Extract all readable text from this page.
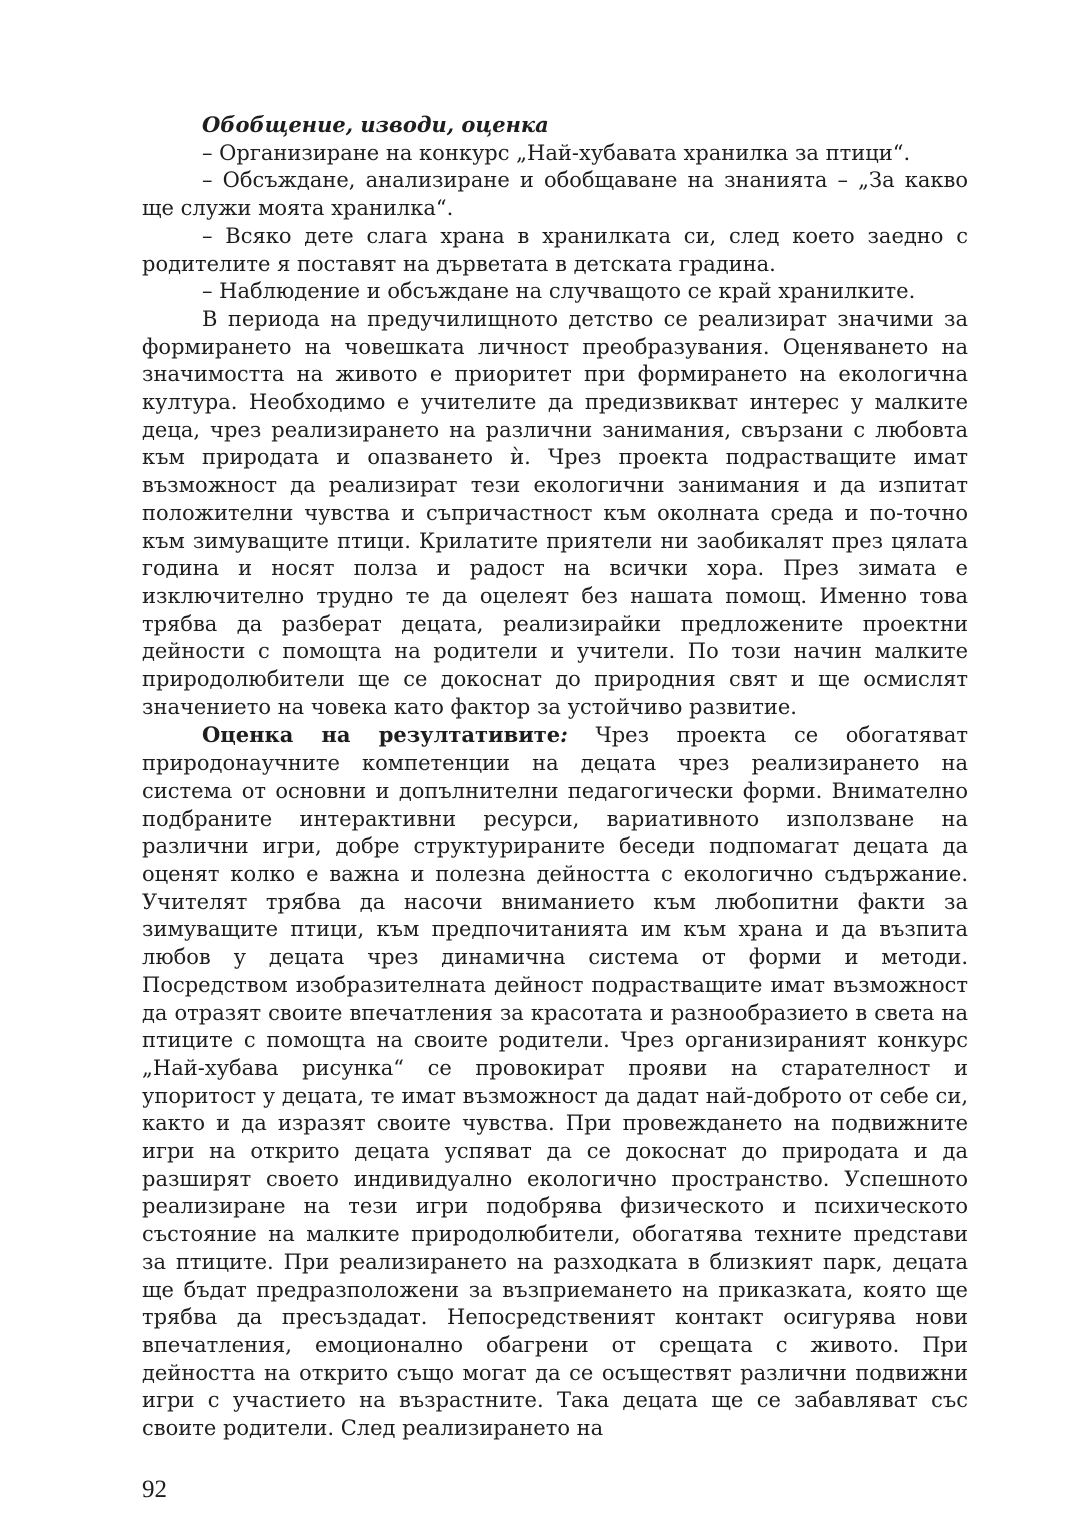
Обобщение, изводи, оценка

– Организиране на конкурс „Най-хубавата хранилка за птици“.

– Обсъждане, анализиране и обобщаване на знанията – „За какво ще служи моята хранилка“.

– Всяко дете слага храна в хранилката си, след което заедно с родителите я поставят на дърветата в детската градина.

– Наблюдение и обсъждане на случващото се край хранилките.

В периода на предучилищното детство се реализират значими за формирането на човешката личност преобразувания. Оценяването на значимостта на живото е приоритет при формирането на екологична култура. Необходимо е учителите да предизвикват интерес у малките деца, чрез реализирането на различни занимания, свързани с любовта към природата и опазването ѝ. Чрез проекта подрастващите имат възможност да реализират тези екологични занимания и да изпитат положителни чувства и съпричастност към околната среда и по-точно към зимуващите птици. Крилатите приятели ни заобикалят през цялата година и носят полза и радост на всички хора. През зимата е изключително трудно те да оцелеят без нашата помощ. Именно това трябва да разберат децата, реализирайки предложените проектни дейности с помощта на родители и учители. По този начин малките природолюбители ще се докоснат до природния свят и ще осмислят значението на човека като фактор за устойчиво развитие.

Оценка на резултативите: Чрез проекта се обогатяват природонаучните компетенции на децата чрез реализирането на система от основни и допълнителни педагогически форми. Внимателно подбраните интерактивни ресурси, вариативното използване на различни игри, добре структурираните беседи подпомагат децата да оценят колко е важна и полезна дейността с екологично съдържание. Учителят трябва да насочи вниманието към любопитни факти за зимуващите птици, към предпочитанията им към храна и да възпита любов у децата чрез динамична система от форми и методи. Посредством изобразителната дейност подрастващите имат възможност да отразят своите впечатления за красотата и разнообразието в света на птиците с помощта на своите родители. Чрез организираният конкурс „Най-хубава рисунка“ се провокират прояви на старателност и упоритост у децата, те имат възможност да дадат най-доброто от себе си, както и да изразят своите чувства. При провеждането на подвижните игри на открито децата успяват да се докоснат до природата и да разширят своето индивидуално екологично пространство. Успешното реализиране на тези игри подобрява физическото и психическото състояние на малките природолюбители, обогатява техните представи за птиците. При реализирането на разходката в близкият парк, децата ще бъдат предразположени за възприемането на приказката, която ще трябва да пресъздадат. Непосредственият контакт осигурява нови впечатления, емоционално обагрени от срещата с живото. При дейността на открито също могат да се осъществят различни подвижни игри с участието на възрастните. Така децата ще се забавляват със своите родители. След реализирането на

92
